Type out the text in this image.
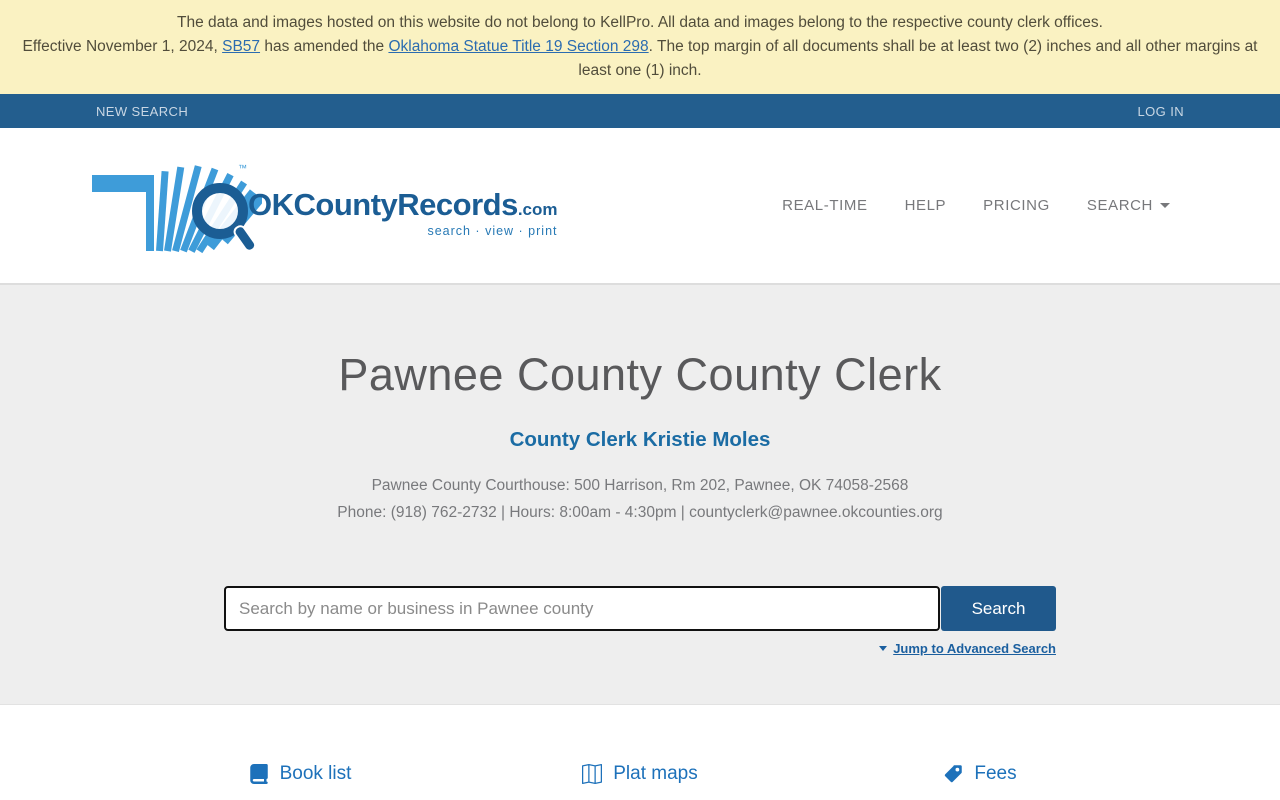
The data and images hosted on this website do not belong to KellPro. All data and images belong to the respective county clerk offices.
Effective November 1, 2024, SB57 has amended the Oklahoma Statue Title 19 Section 298. The top margin of all documents shall be at least two (2) inches and all other margins at least one (1) inch.
NEW SEARCH	LOG IN
™
OKCountyRecords .com
search · view · print
REAL-TIME HELP PRICING SEARCH
Pawnee County County Clerk
County Clerk Kristie Moles
Pawnee County Courthouse: 500 Harrison, Rm 202, Pawnee, OK 74058-2568
Phone: (918) 762-2732 | Hours: 8:00am - 4:30pm | countyclerk@pawnee.okcounties.org
Search by name or business in Pawnee county
Search
Jump to Advanced Search
Book list	Plat maps	Fees
